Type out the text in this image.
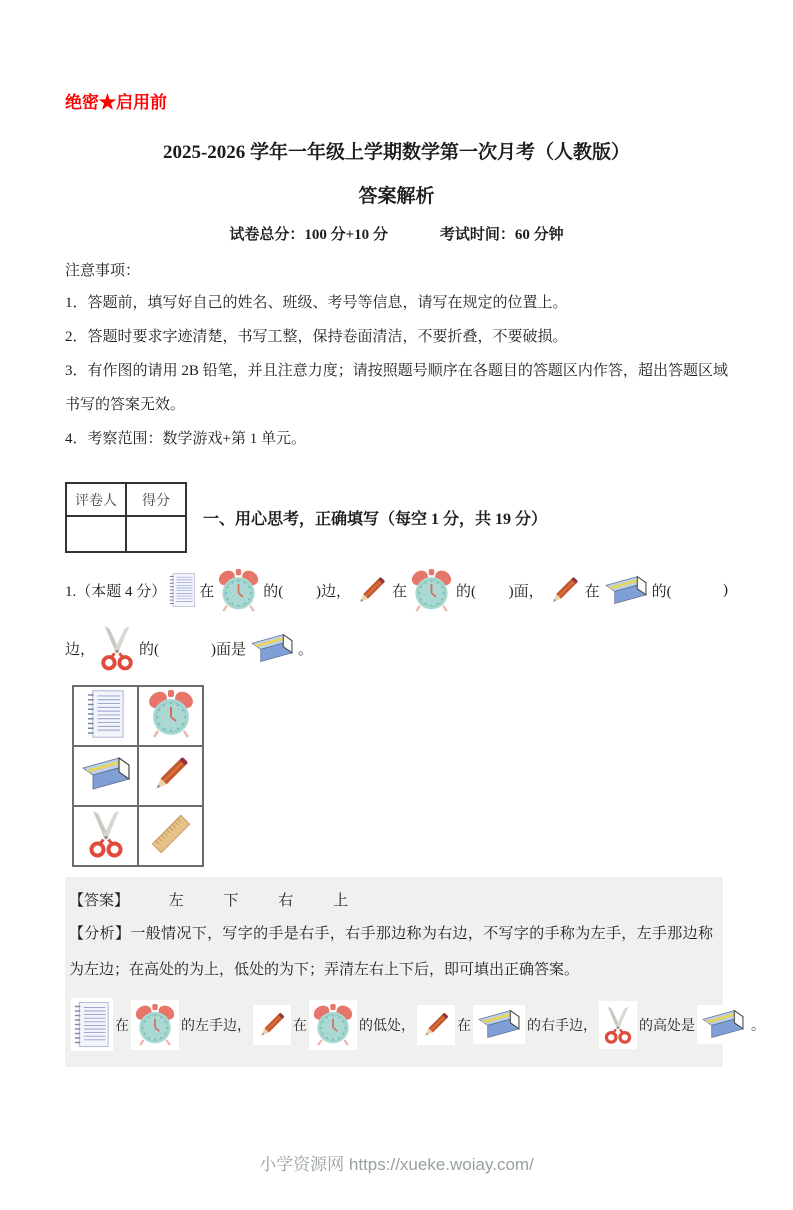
绝密★启用前
2025-2026 学年一年级上学期数学第一次月考（人教版）
答案解析
试卷总分：100 分+10 分	考试时间：60 分钟
注意事项：

1．答题前，填写好自己的姓名、班级、考号等信息，请写在规定的位置上。

2．答题时要求字迹清楚，书写工整，保持卷面清洁，不要折叠，不要破损。

3．有作图的请用 2B 铅笔，并且注意力度；请按照题号顺序在各题目的答题区内作答，超出答题区域书写的答案无效。

4．考察范围：数学游戏+第 1 单元。

评卷人	得分

一、用心思考，正确填写（每空 1 分，共 19 分）
1.（本题 4 分） 在	的( )边，	在	的( )面，	在	的(	)
边，	的(	)面是	。

【答案】	左	下	右	上

【分析】一般情况下，写字的手是右手，右手那边称为右边，不写字的手称为左手，左手那边称为左边；在高处的为上，低处的为下；弄清左右上下后，即可填出正确答案。

在	的左手边，	在	的低处，	在	的右手边，	的高处是	。
小学资源网 https://xueke.woiay.com/
